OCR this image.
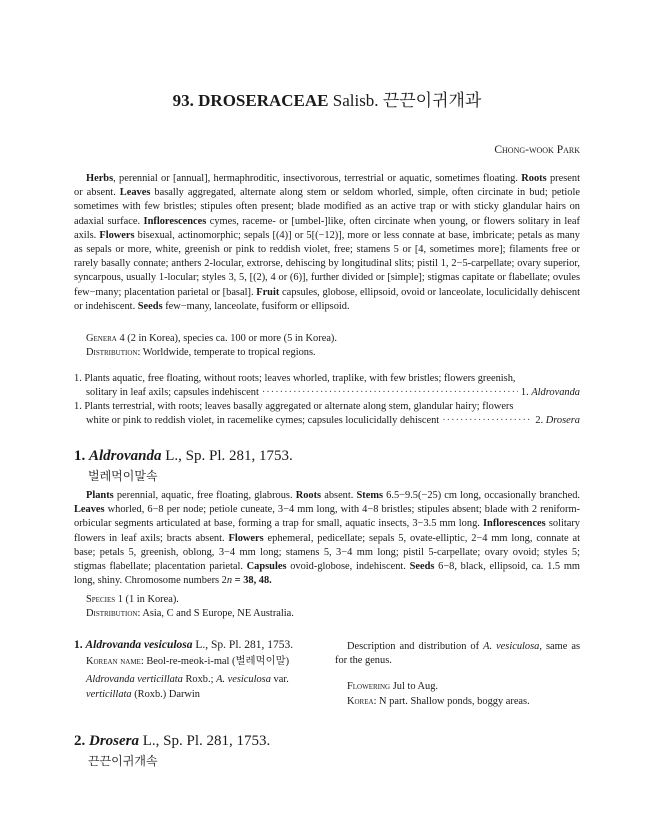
93. DROSERACEAE Salisb. 끈끈이귀개과
Chong-wook Park
Herbs, perennial or [annual], hermaphroditic, insectivorous, terrestrial or aquatic, sometimes floating. Roots present or absent. Leaves basally aggregated, alternate along stem or seldom whorled, simple, often circinate in bud; petiole sometimes with few bristles; stipules often present; blade modified as an active trap or with sticky glandular hairs on adaxial surface. Inflorescences cymes, raceme- or [umbel-]like, often circinate when young, or flowers solitary in leaf axils. Flowers bisexual, actinomorphic; sepals [(4)] or 5[(−12)], more or less connate at base, imbricate; petals as many as sepals or more, white, greenish or pink to reddish violet, free; stamens 5 or [4, sometimes more]; filaments free or rarely basally connate; anthers 2-locular, extrorse, dehiscing by longitudinal slits; pistil 1, 2−5-carpellate; ovary superior, syncarpous, usually 1-locular; styles 3, 5, [(2), 4 or (6)], further divided or [simple]; stigmas capitate or flabellate; ovules few−many; placentation parietal or [basal]. Fruit capsules, globose, ellipsoid, ovoid or lanceolate, loculicidally dehiscent or indehiscent. Seeds few−many, lanceolate, fusiform or ellipsoid.
Genera 4 (2 in Korea), species ca. 100 or more (5 in Korea).
Distribution: Worldwide, temperate to tropical regions.
1. Plants aquatic, free floating, without roots; leaves whorled, traplike, with few bristles; flowers greenish,
solitary in leaf axils; capsules indehiscent ·····	1. Aldrovanda
1. Plants terrestrial, with roots; leaves basally aggregated or alternate along stem, glandular hairy; flowers
white or pink to reddish violet, in racemelike cymes; capsules loculicidally dehiscent ·····	2. Drosera
1. Aldrovanda L., Sp. Pl. 281, 1753.
벌레먹이말속
Plants perennial, aquatic, free floating, glabrous. Roots absent. Stems 6.5−9.5(−25) cm long, occasionally branched. Leaves whorled, 6−8 per node; petiole cuneate, 3−4 mm long, with 4−8 bristles; stipules absent; blade with 2 reniform-orbicular segments articulated at base, forming a trap for small, aquatic insects, 3−3.5 mm long. Inflorescences solitary flowers in leaf axils; bracts absent. Flowers ephemeral, pedicellate; sepals 5, ovate-elliptic, 2−4 mm long, connate at base; petals 5, greenish, oblong, 3−4 mm long; stamens 5, 3−4 mm long; pistil 5-carpellate; ovary ovoid; styles 5; stigmas flabellate; placentation parietal. Capsules ovoid-globose, indehiscent. Seeds 6−8, black, ellipsoid, ca. 1.5 mm long, shiny. Chromosome numbers 2n = 38, 48.
Species 1 (1 in Korea).
Distribution: Asia, C and S Europe, NE Australia.
1. Aldrovanda vesiculosa L., Sp. Pl. 281, 1753.
Korean name: Beol-re-meok-i-mal (벌레먹이말)
Aldrovanda verticillata Roxb.; A. vesiculosa var. verticillata (Roxb.) Darwin
Description and distribution of A. vesiculosa, same as for the genus.
Flowering Jul to Aug.
Korea: N part. Shallow ponds, boggy areas.
2. Drosera L., Sp. Pl. 281, 1753.
끈끈이귀개속
